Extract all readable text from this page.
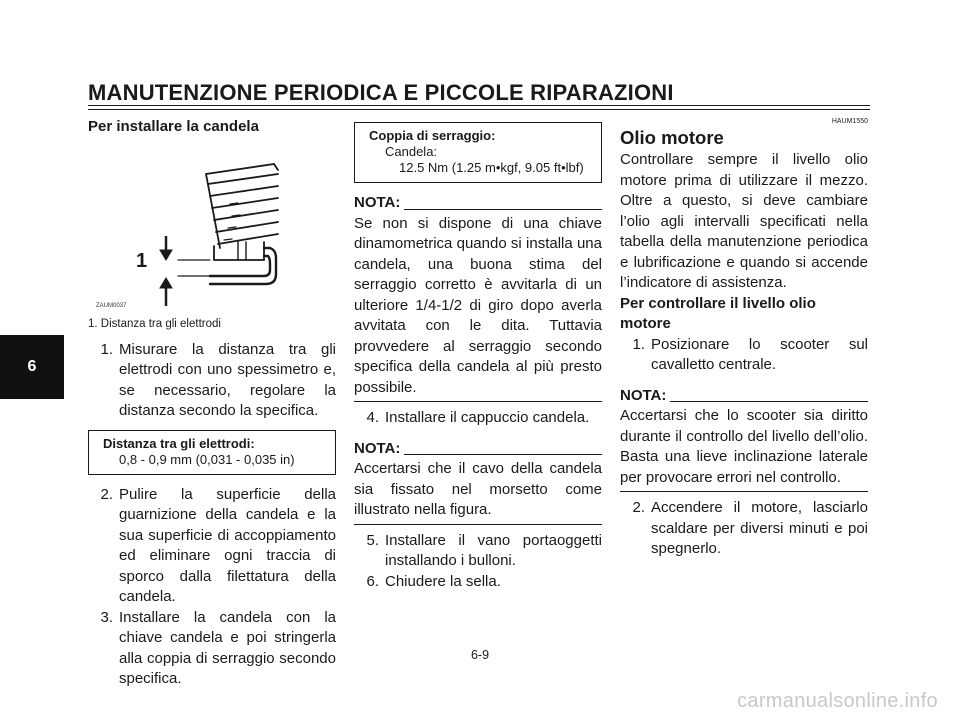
MANUTENZIONE PERIODICA E PICCOLE RIPARAZIONI
6
Per installare la candela
1
ZAUM0037
1. Distanza tra gli elettrodi
1. Misurare la distanza tra gli elettrodi con uno spessimetro e, se necessario, regolare la distanza secondo la specifica.
Distanza tra gli elettrodi:
0,8 - 0,9 mm (0,031 - 0,035 in)
2. Pulire la superficie della guarnizione della candela e la sua superficie di accoppiamento ed eliminare ogni traccia di sporco dalla filettatura della candela.
3. Installare la candela con la chiave candela e poi stringerla alla coppia di serraggio secondo specifica.
Coppia di serraggio:
Candela:
12.5 Nm (1.25 m•kgf, 9.05 ft•lbf)
NOTA:
Se non si dispone di una chiave dinamometrica quando si installa una candela, una buona stima del serraggio corretto è avvitarla di un ulteriore 1/4-1/2 di giro dopo averla avvitata con le dita. Tuttavia provvedere al serraggio secondo specifica della candela al più presto possibile.
4. Installare il cappuccio candela.
NOTA:
Accertarsi che il cavo della candela sia fissato nel morsetto come illustrato nella figura.
5. Installare il vano portaoggetti installando i bulloni.
6. Chiudere la sella.
HAUM1550
Olio motore
Controllare sempre il livello olio motore prima di utilizzare il mezzo. Oltre a questo, si deve cambiare l’olio agli intervalli specificati nella tabella della manutenzione periodica e lubrificazione e quando si accende l’indicatore di assistenza.
Per controllare il livello olio motore
1. Posizionare lo scooter sul cavalletto centrale.
NOTA:
Accertarsi che lo scooter sia diritto durante il controllo del livello dell’olio. Basta una lieve inclinazione laterale per provocare errori nel controllo.
2. Accendere il motore, lasciarlo scaldare per diversi minuti e poi spegnerlo.
6-9
carmanualsonline.info
